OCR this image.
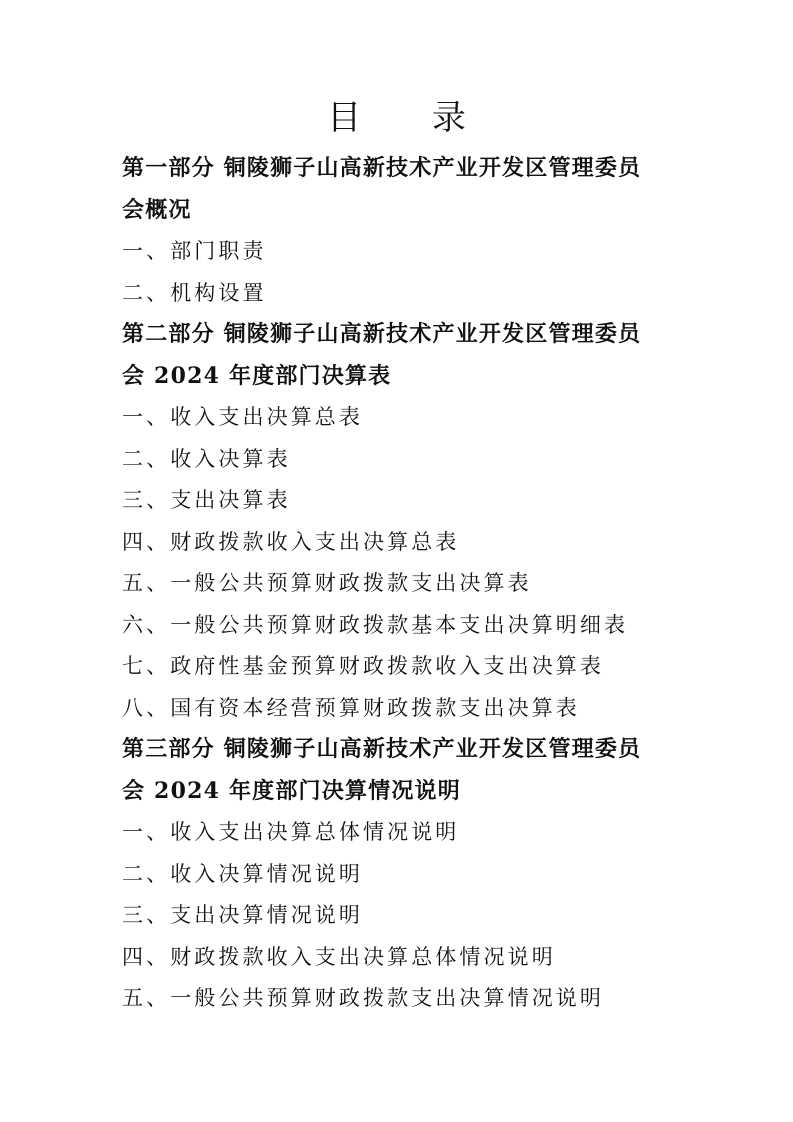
目 录
第一部分 铜陵狮子山高新技术产业开发区管理委员
会概况
一、部门职责
二、机构设置
第二部分 铜陵狮子山高新技术产业开发区管理委员
会 2024 年度部门决算表
一、收入支出决算总表
二、收入决算表
三、支出决算表
四、财政拨款收入支出决算总表
五、一般公共预算财政拨款支出决算表
六、一般公共预算财政拨款基本支出决算明细表
七、政府性基金预算财政拨款收入支出决算表
八、国有资本经营预算财政拨款支出决算表
第三部分 铜陵狮子山高新技术产业开发区管理委员
会 2024 年度部门决算情况说明
一、收入支出决算总体情况说明
二、收入决算情况说明
三、支出决算情况说明
四、财政拨款收入支出决算总体情况说明
五、一般公共预算财政拨款支出决算情况说明
